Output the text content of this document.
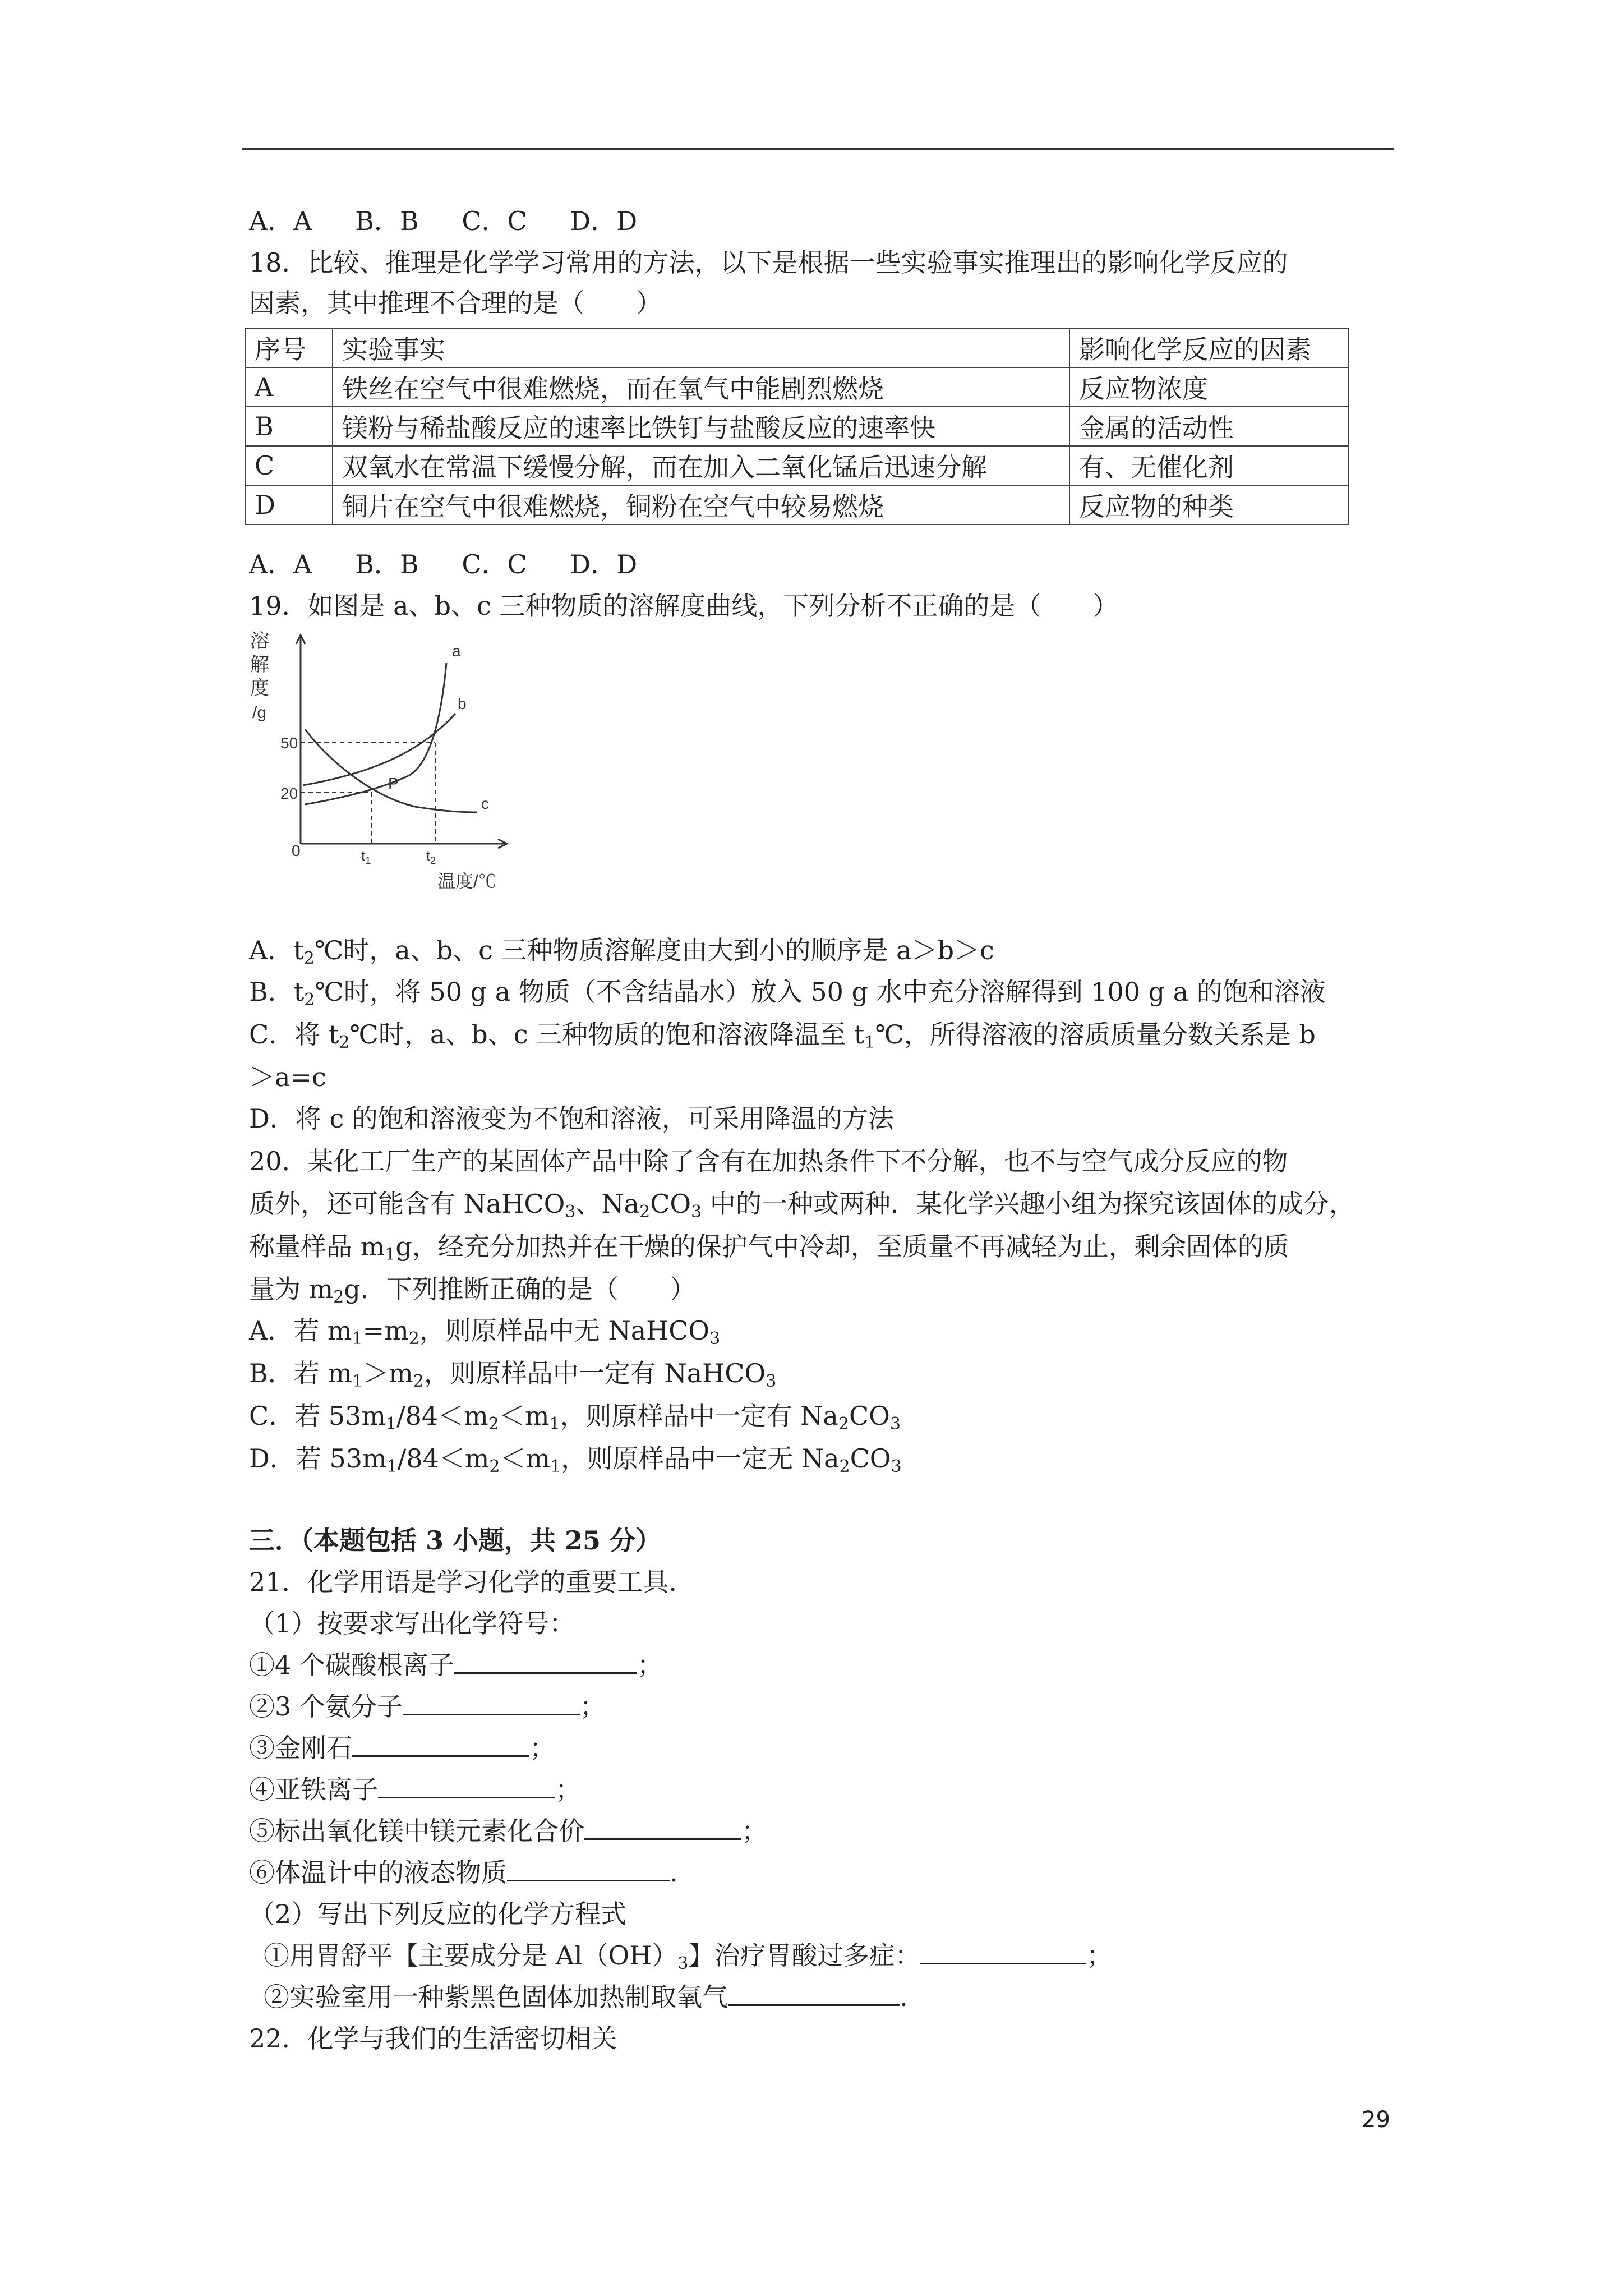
A．A B．B C．C D．D
18．比较、推理是化学学习常用的方法，以下是根据一些实验事实推理出的影响化学反应的
因素，其中推理不合理的是（　　）
序号	实验事实	影响化学反应的因素
A	铁丝在空气中很难燃烧，而在氧气中能剧烈燃烧	反应物浓度
B	镁粉与稀盐酸反应的速率比铁钉与盐酸反应的速率快	金属的活动性
C	双氧水在常温下缓慢分解，而在加入二氧化锰后迅速分解	有、无催化剂
D	铜片在空气中很难燃烧，铜粉在空气中较易燃烧	反应物的种类
A．A B．B C．C D．D
19．如图是 a、b、c 三种物质的溶解度曲线，下列分析不正确的是（　　）
溶
解
度
/g
50
20
0	$t_1$	$t_2$
温度/℃
a
b
c
P
A．$t_2℃$时，a、b、c 三种物质溶解度由大到小的顺序是 a＞b＞c
B．$t_2℃$时，将 50 g a 物质（不含结晶水）放入 50 g 水中充分溶解得到 100 g a 的饱和溶液
C．将 $t_2℃$时，a、b、c 三种物质的饱和溶液降温至 $t_1℃$，所得溶液的溶质质量分数关系是 b
＞a=c
D．将 c 的饱和溶液变为不饱和溶液，可采用降温的方法
20．某化工厂生产的某固体产品中除了含有在加热条件下不分解，也不与空气成分反应的物
质外，还可能含有 NaHCO$_3$、$Na_2CO_3$ 中的一种或两种．某化学兴趣小组为探究该固体的成分，
称量样品 $m_1g$，经充分加热并在干燥的保护气中冷却，至质量不再减轻为止，剩余固体的质
量为 $m_2g$．下列推断正确的是（　　）
A．若 $m_1=m_2$，则原样品中无 NaHCO$_3$
B．若 $m_1>m_2$，则原样品中一定有 NaHCO$_3$
C．若 $53m_1/84<m_2<m_1$，则原样品中一定有 $Na_2CO_3$
D．若 $53m_1/84<m_2<m_1$，则原样品中一定无 $Na_2CO_3$
三．（本题包括 3 小题，共 25 分）
21．化学用语是学习化学的重要工具．
（1）按要求写出化学符号：
①4 个碳酸根离子	；
②3 个氨分子	；
③金刚石	；
④亚铁离子	；
⑤标出氧化镁中镁元素化合价	；
⑥体温计中的液态物质	.
（2）写出下列反应的化学方程式
①用胃舒平【主要成分是 $Al(OH)_3$】治疗胃酸过多症：	；
②实验室用一种紫黑色固体加热制取氧气	.
22．化学与我们的生活密切相关
29
